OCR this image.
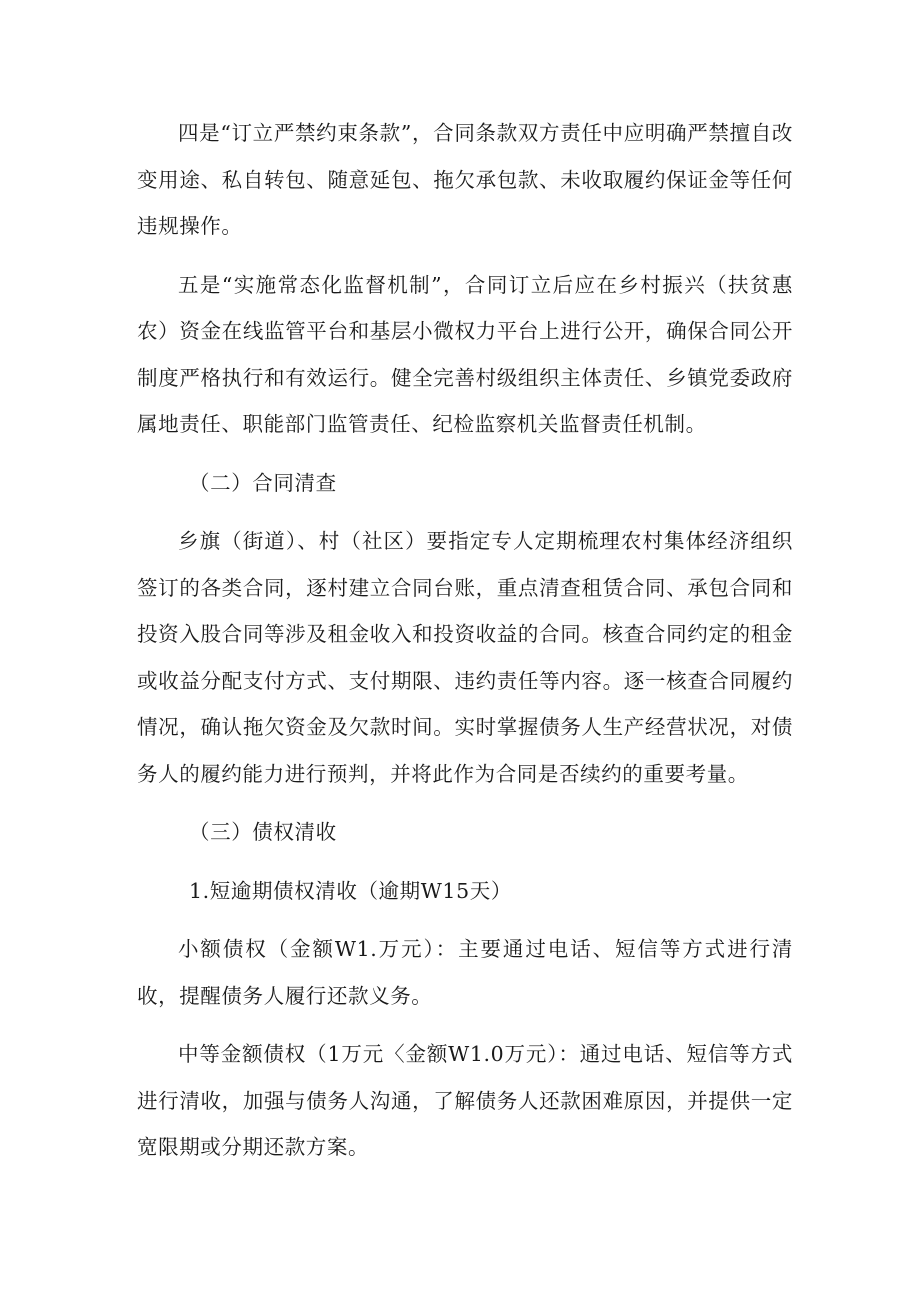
四是“订立严禁约束条款”，合同条款双方责任中应明确严禁擅自改变用途、私自转包、随意延包、拖欠承包款、未收取履约保证金等任何违规操作。

五是“实施常态化监督机制”，合同订立后应在乡村振兴（扶贫惠农）资金在线监管平台和基层小微权力平台上进行公开，确保合同公开制度严格执行和有效运行。健全完善村级组织主体责任、乡镇党委政府属地责任、职能部门监管责任、纪检监察机关监督责任机制。

（二）合同清查

乡旗（街道）、村（社区）要指定专人定期梳理农村集体经济组织签订的各类合同，逐村建立合同台账，重点清查租赁合同、承包合同和投资入股合同等涉及租金收入和投资收益的合同。核查合同约定的租金或收益分配支付方式、支付期限、违约责任等内容。逐一核查合同履约情况，确认拖欠资金及欠款时间。实时掌握债务人生产经营状况，对债务人的履约能力进行预判，并将此作为合同是否续约的重要考量。

（三）债权清收

1.短逾期债权清收（逾期W15天）

小额债权（金额W1.万元）：主要通过电话、短信等方式进行清收，提醒债务人履行还款义务。

中等金额债权（1万元〈金额W1.0万元）：通过电话、短信等方式进行清收，加强与债务人沟通，了解债务人还款困难原因，并提供一定宽限期或分期还款方案。
